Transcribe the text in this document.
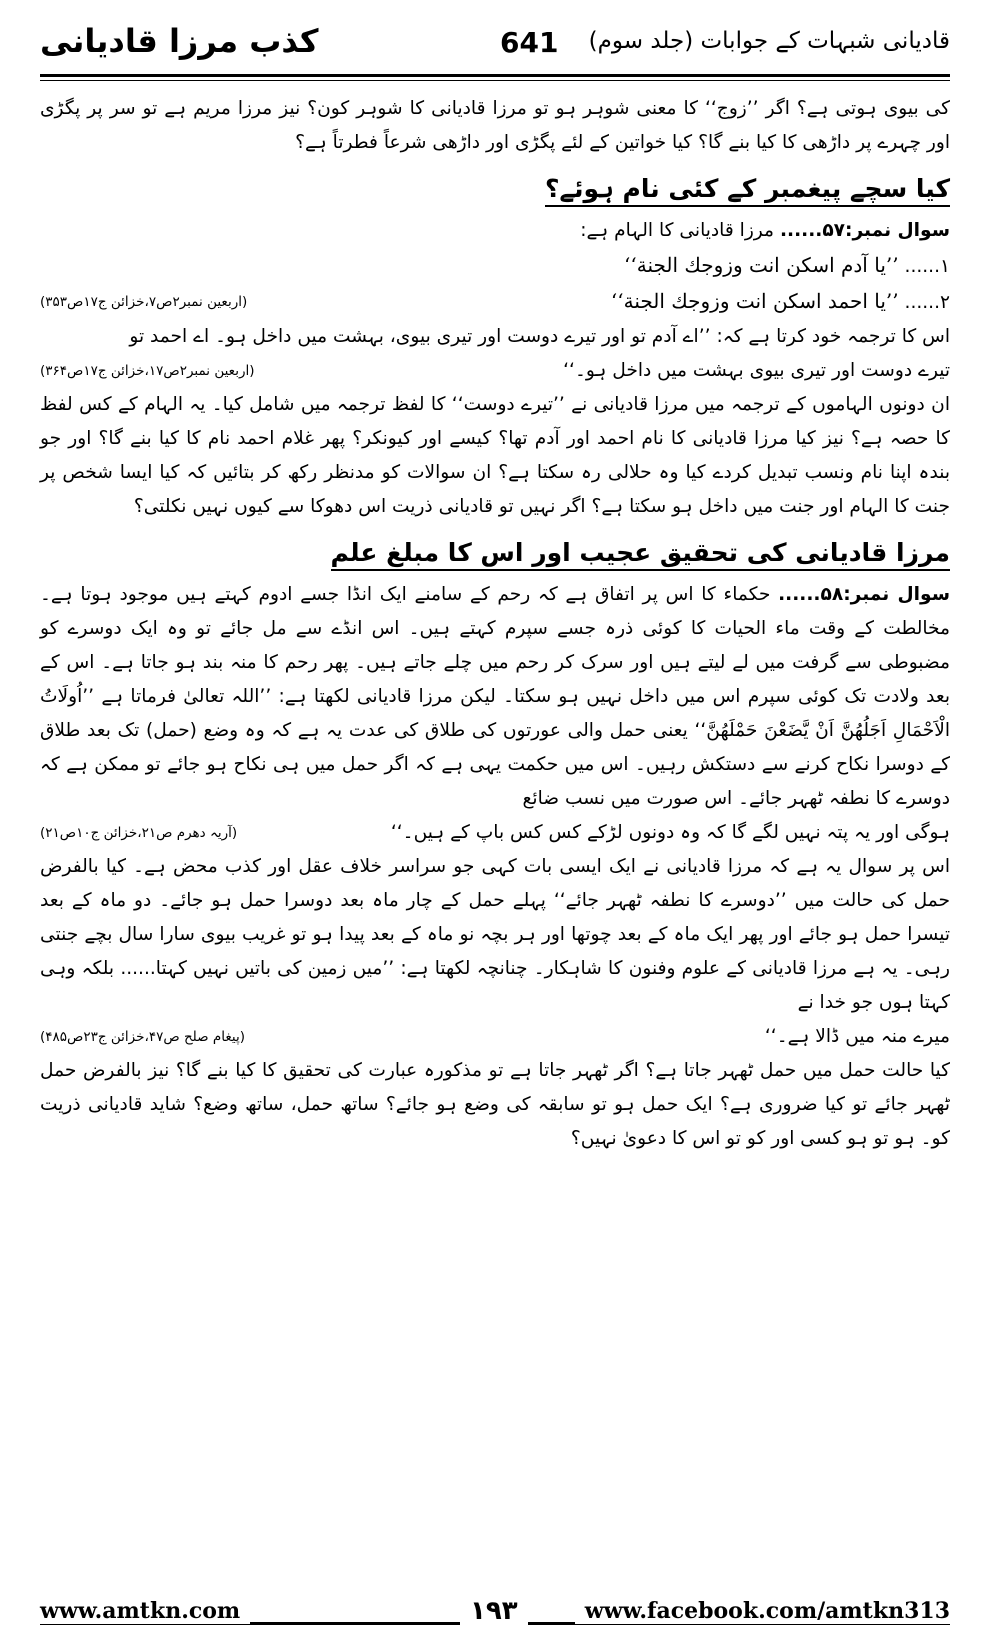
کذب مرزا قادیانی	641 قادیانی شبہات کے جوابات (جلد سوم)

کی بیوی ہوتی ہے؟ اگر ’’زوج‘‘ کا معنی شوہر ہو تو مرزا قادیانی کا شوہر کون؟ نیز مرزا مریم ہے تو سر پر پگڑی اور چہرے پر داڑھی کا کیا بنے گا؟ کیا خواتین کے لئے پگڑی اور داڑھی شرعاً فطرتاً ہے؟

کیا سچے پیغمبر کے کئی نام ہوئے؟
سوال نمبر:۵۷...... مرزا قادیانی کا الہام ہے:
۱...... ’’یا آدم اسکن انت وزوجك الجنة‘‘
۲...... ’’یا احمد اسکن انت وزوجك الجنة‘‘
(اربعین نمبر۲ص۷،خزائن ج۱۷ص۳۵۳)

اس کا ترجمہ خود کرتا ہے کہ: ’’اے آدم تو اور تیرے دوست اور تیری بیوی، بہشت میں داخل ہو۔ اے احمد تو

تیرے دوست اور تیری بیوی بہشت میں داخل ہو۔‘‘
(اربعین نمبر۲ص۱۷،خزائن ج۱۷ص۳۶۴)

ان دونوں الہاموں کے ترجمہ میں مرزا قادیانی نے ’’تیرے دوست‘‘ کا لفظ ترجمہ میں شامل کیا۔ یہ الہام کے کس لفظ کا حصہ ہے؟ نیز کیا مرزا قادیانی کا نام احمد اور آدم تھا؟ کیسے اور کیونکر؟ پھر غلام احمد نام کا کیا بنے گا؟ اور جو بندہ اپنا نام ونسب تبدیل کردے کیا وہ حلالی رہ سکتا ہے؟ ان سوالات کو مدنظر رکھ کر بتائیں کہ کیا ایسا شخص پر جنت کا الہام اور جنت میں داخل ہو سکتا ہے؟ اگر نہیں تو قادیانی ذریت اس دھوکا سے کیوں نہیں نکلتی؟

مرزا قادیانی کی تحقیق عجیب اور اس کا مبلغ علم

سوال نمبر:۵۸...... حکماء کا اس پر اتفاق ہے کہ رحم کے سامنے ایک انڈا جسے ادوم کہتے ہیں موجود ہوتا ہے۔ مخالطت کے وقت ماء الحیات کا کوئی ذرہ جسے سپرم کہتے ہیں۔ اس انڈے سے مل جائے تو وہ ایک دوسرے کو مضبوطی سے گرفت میں لے لیتے ہیں اور سرک کر رحم میں چلے جاتے ہیں۔ پھر رحم کا منہ بند ہو جاتا ہے۔ اس کے بعد ولادت تک کوئی سپرم اس میں داخل نہیں ہو سکتا۔ لیکن مرزا قادیانی لکھتا ہے: ’’اللہ تعالیٰ فرماتا ہے ’’اُولَاتُ الْاَحْمَالِ اَجَلُهُنَّ اَنْ يَّضَعْنَ حَمْلَهُنَّ‘‘ یعنی حمل والی عورتوں کی طلاق کی عدت یہ ہے کہ وہ وضع (حمل) تک بعد طلاق کے دوسرا نکاح کرنے سے دستکش رہیں۔ اس میں حکمت یہی ہے کہ اگر حمل میں ہی نکاح ہو جائے تو ممکن ہے کہ دوسرے کا نطفہ ٹھہر جائے۔ اس صورت میں نسب ضائع

ہوگی اور یہ پتہ نہیں لگے گا کہ وہ دونوں لڑکے کس کس باپ کے ہیں۔‘‘
(آریہ دھرم ص۲۱،خزائن ج۱۰ص۲۱)

اس پر سوال یہ ہے کہ مرزا قادیانی نے ایک ایسی بات کہی جو سراسر خلاف عقل اور کذب محض ہے۔ کیا بالفرض حمل کی حالت میں ’’دوسرے کا نطفہ ٹھہر جائے‘‘ پہلے حمل کے چار ماہ بعد دوسرا حمل ہو جائے۔ دو ماہ کے بعد تیسرا حمل ہو جائے اور پھر ایک ماہ کے بعد چوتھا اور ہر بچہ نو ماہ کے بعد پیدا ہو تو غریب بیوی سارا سال بچے جنتی رہی۔ یہ ہے مرزا قادیانی کے علوم وفنون کا شاہکار۔ چنانچہ لکھتا ہے: ’’میں زمین کی باتیں نہیں کہتا...... بلکہ وہی کہتا ہوں جو خدا نے

میرے منہ میں ڈالا ہے۔‘‘
(پیغام صلح ص۴۷،خزائن ج۲۳ص۴۸۵)

کیا حالت حمل میں حمل ٹھہر جاتا ہے؟ اگر ٹھہر جاتا ہے تو مذکورہ عبارت کی تحقیق کا کیا بنے گا؟ نیز بالفرض حمل ٹھہر جائے تو کیا ضروری ہے؟ ایک حمل ہو تو سابقہ کی وضع ہو جائے؟ ساتھ حمل، ساتھ وضع؟ شاید قادیانی ذریت کو۔ ہو تو ہو کسی اور کو تو اس کا دعویٰ نہیں؟

www.amtkn.com	۱۹۳	www.facebook.com/amtkn313
